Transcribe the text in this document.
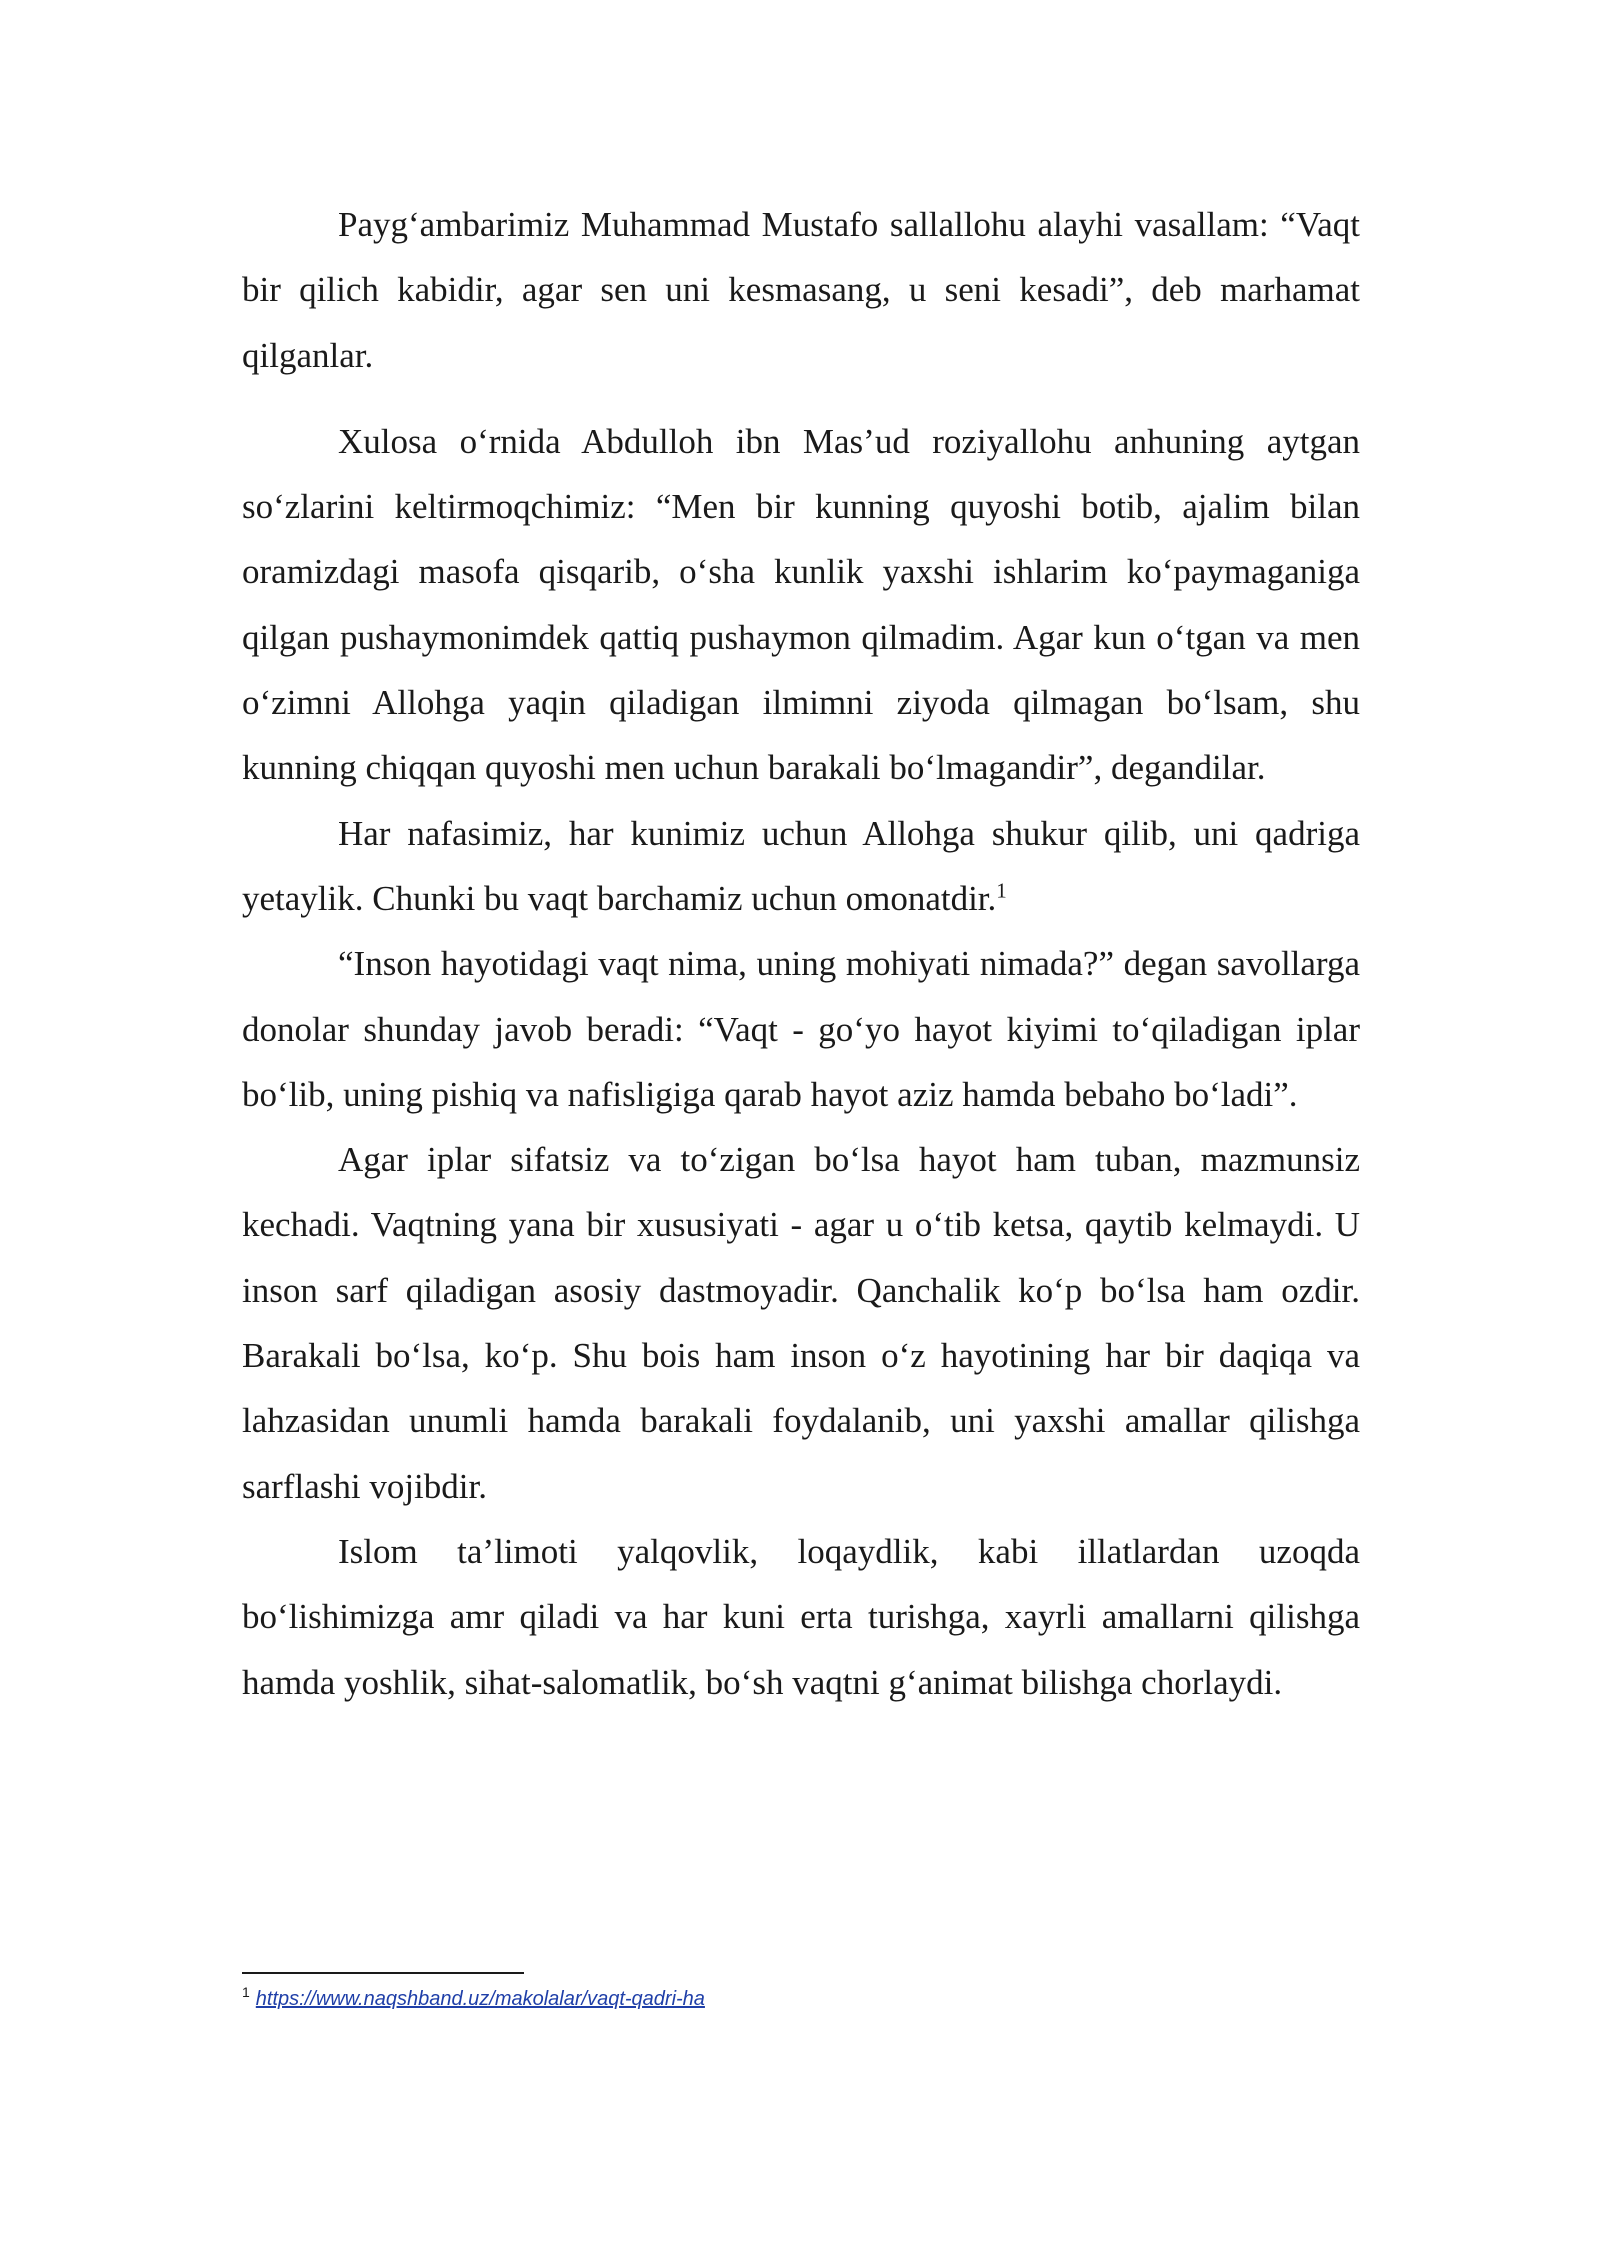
Payg‘ambarimiz Muhammad Mustafo sallallohu alayhi vasallam: “Vaqt bir qilich kabidir, agar sen uni kesmasang, u seni kesadi”, deb marhamat qilganlar.

Xulosa o‘rnida Abdulloh ibn Mas’ud roziyallohu anhuning aytgan so‘zlarini keltirmoqchimiz: “Men bir kunning quyoshi botib, ajalim bilan oramizdagi masofa qisqarib, o‘sha kunlik yaxshi ishlarim ko‘paymaganiga qilgan pushaymonimdek qattiq pushaymon qilmadim. Agar kun o‘tgan va men o‘zimni Allohga yaqin qiladigan ilmimni ziyoda qilmagan bo‘lsam, shu kunning chiqqan quyoshi men uchun barakali bo‘lmagandir”, degandilar.

Har nafasimiz, har kunimiz uchun Allohga shukur qilib, uni qadriga yetaylik. Chunki bu vaqt barchamiz uchun omonatdir.$^1$

“Inson hayotidagi vaqt nima, uning mohiyati nimada?” degan savollarga donolar shunday javob beradi: “Vaqt - go‘yo hayot kiyimi to‘qiladigan iplar bo‘lib, uning pishiq va nafisligiga qarab hayot aziz hamda bebaho bo‘ladi”.

Agar iplar sifatsiz va to‘zigan bo‘lsa hayot ham tuban, mazmunsiz kechadi. Vaqtning yana bir xususiyati - agar u o‘tib ketsa, qaytib kelmaydi. U inson sarf qiladigan asosiy dastmoyadir. Qanchalik ko‘p bo‘lsa ham ozdir. Barakali bo‘lsa, ko‘p. Shu bois ham inson o‘z hayotining har bir daqiqa va lahzasidan unumli hamda barakali foydalanib, uni yaxshi amallar qilishga sarflashi vojibdir.

Islom ta’limoti yalqovlik, loqaydlik, kabi illatlardan uzoqda bo‘lishimizga amr qiladi va har kuni erta turishga, xayrli amallarni qilishga hamda yoshlik, sihat-salomatlik, bo‘sh vaqtni g‘animat bilishga chorlaydi.

$^1$ https://www.naqshband.uz/makolalar/vaqt-qadri-ha
